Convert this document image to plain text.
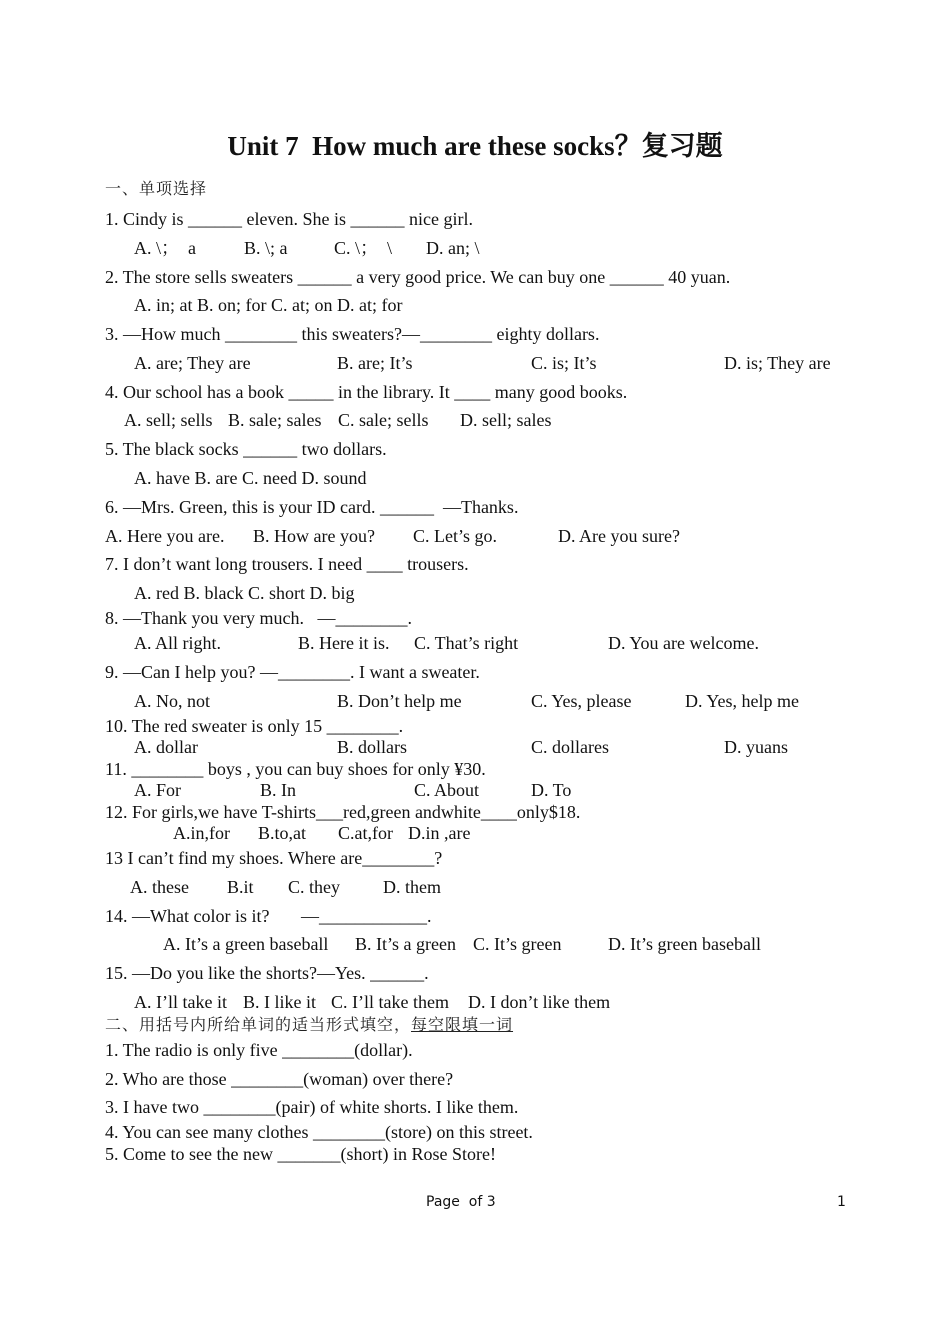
Unit 7  How much are these socks？复习题
一、单项选择
1. Cindy is ______ eleven. She is ______ nice girl.
A. \；  a	B. \; a	C. \；  \ D. an; \
2. The store sells sweaters ______ a very good price. We can buy one ______ 40 yuan.
A. in; at B. on; for C. at; on D. at; for
3. —How much ________ this sweaters?—________ eighty dollars.
A. are; They are	B. are; It’s	C. is; It’s	D. is; They are
4. Our school has a book _____ in the library. It ____ many good books.
A. sell; sells B. sale; sales C. sale; sells D. sell; sales
5. The black socks ______ two dollars.
A. have B. are C. need D. sound
6. —Mrs. Green, this is your ID card. ______  —Thanks.
A. Here you are. B. How are you? C. Let’s go.	D. Are you sure?
7. I don’t want long trousers. I need ____ trousers.
A. red B. black C. short D. big
8. —Thank you very much.   —________.
A. All right.	B. Here it is. C. That’s right	D. You are welcome.
9. —Can I help you? —________. I want a sweater.
A. No, not	B. Don’t help me	C. Yes, please	D. Yes, help me
10. The red sweater is only 15 ________.
A. dollar	B. dollars	C. dollares	D. yuans
11. ________ boys , you can buy shoes for only ¥30.
A. For	B. In	C. About	D. To
12. For girls,we have T-shirts___red,green andwhite____only$18.
A.in,for B.to,at C.at,for D.in ,are
13 I can’t find my shoes. Where are________?
A. these B.it C. they D. them
14. —What color is it?       —____________.
A. It’s a green baseball B. It’s a green C. It’s green	D. It’s green baseball
15. —Do you like the shorts?—Yes. ______.
A. I’ll take it B. I like it C. I’ll take them D. I don’t like them
二、用括号内所给单词的适当形式填空，每空限填一词
1. The radio is only five ________(dollar).
2. Who are those ________(woman) over there?
3. I have two ________(pair) of white shorts. I like them.
4. You can see many clothes ________(store) on this street.
5. Come to see the new _______(short) in Rose Store!
Page  of 3	1
